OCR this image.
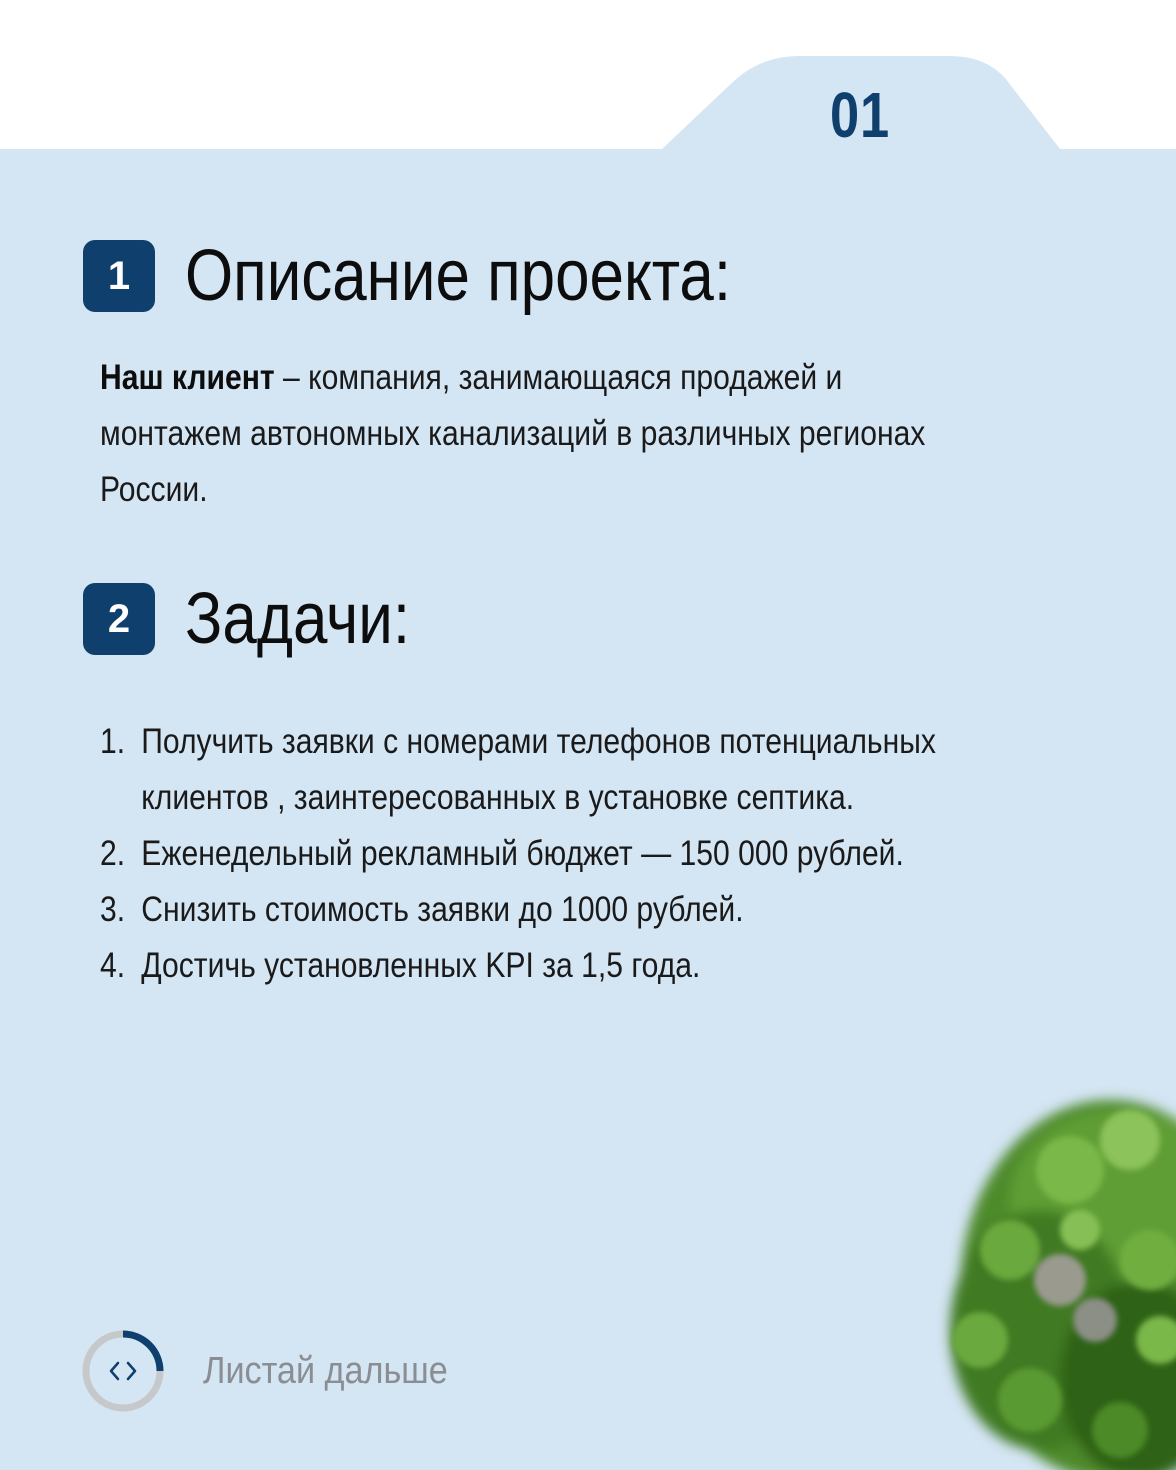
01
1 Описание проекта:
Наш клиент – компания, занимающаяся продажей и монтажем автономных канализаций в различных регионах России.
2 Задачи:
1. Получить заявки с номерами телефонов потенциальных клиентов , заинтересованных в установке септика.
2. Еженедельный рекламный бюджет — 150 000 рублей.
3. Снизить стоимость заявки до 1000 рублей.
4. Достичь установленных KPI за 1,5 года.
Листай дальше
